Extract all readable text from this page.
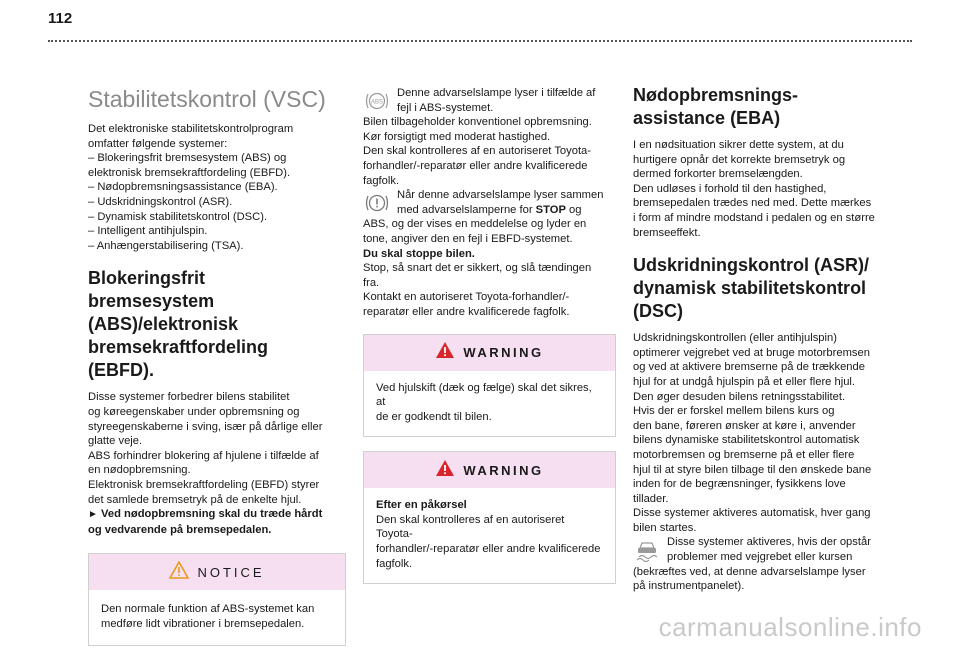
112
Stabilitetskontrol (VSC)
Det elektroniske stabilitetskontrolprogram
omfatter følgende systemer:
– Blokeringsfrit bremsesystem (ABS) og
elektronisk bremsekraftfordeling (EBFD).
– Nødopbremsningsassistance (EBA).
– Udskridningskontrol (ASR).
– Dynamisk stabilitetskontrol (DSC).
– Intelligent antihjulspin.
– Anhængerstabilisering (TSA).
Blokeringsfrit
bremsesystem
(ABS)/elektronisk
bremsekraftfordeling
(EBFD).
Disse systemer forbedrer bilens stabilitet
og køreegenskaber under opbremsning og
styreegenskaberne i sving, især på dårlige eller
glatte veje.
ABS forhindrer blokering af hjulene i tilfælde af
en nødopbremsning.
Elektronisk bremsekraftfordeling (EBFD) styrer
det samlede bremsetryk på de enkelte hjul.
► Ved nødopbremsning skal du træde hårdt
og vedvarende på bremsepedalen.
NOTICE
Den normale funktion af ABS-systemet kan
medføre lidt vibrationer i bremsepedalen.
ABS
Denne advarselslampe lyser i tilfælde af
fejl i ABS-systemet.
Bilen tilbageholder konventionel opbremsning.
Kør forsigtigt med moderat hastighed.
Den skal kontrolleres af en autoriseret Toyota-
forhandler/-reparatør eller andre kvalificerede
fagfolk.
Når denne advarselslampe lyser sammen
med advarselslamperne for STOP og
ABS, og der vises en meddelelse og lyder en
tone, angiver den en fejl i EBFD-systemet.
Du skal stoppe bilen.
Stop, så snart det er sikkert, og slå tændingen
fra.
Kontakt en autoriseret Toyota-forhandler/-
reparatør eller andre kvalificerede fagfolk.
WARNING
Ved hjulskift (dæk og fælge) skal det sikres, at
de er godkendt til bilen.
WARNING
Efter en påkørsel
Den skal kontrolleres af en autoriseret Toyota-
forhandler/-reparatør eller andre kvalificerede
fagfolk.
Nødopbremsnings-
assistance (EBA)
I en nødsituation sikrer dette system, at du
hurtigere opnår det korrekte bremsetryk og
dermed forkorter bremselængden.
Den udløses i forhold til den hastighed,
bremsepedalen trædes ned med. Dette mærkes
i form af mindre modstand i pedalen og en større
bremseeffekt.
Udskridningskontrol (ASR)/
dynamisk stabilitetskontrol
(DSC)
Udskridningskontrollen (eller antihjulspin)
optimerer vejgrebet ved at bruge motorbremsen
og ved at aktivere bremserne på de trækkende
hjul for at undgå hjulspin på et eller flere hjul.
Den øger desuden bilens retningsstabilitet.
Hvis der er forskel mellem bilens kurs og
den bane, føreren ønsker at køre i, anvender
bilens dynamiske stabilitetskontrol automatisk
motorbremsen og bremserne på et eller flere
hjul til at styre bilen tilbage til den ønskede bane
inden for de begrænsninger, fysikkens love
tillader.
Disse systemer aktiveres automatisk, hver gang
bilen startes.
Disse systemer aktiveres, hvis der opstår
problemer med vejgrebet eller kursen
(bekræftes ved, at denne advarselslampe lyser
på instrumentpanelet).
carmanualsonline.info
